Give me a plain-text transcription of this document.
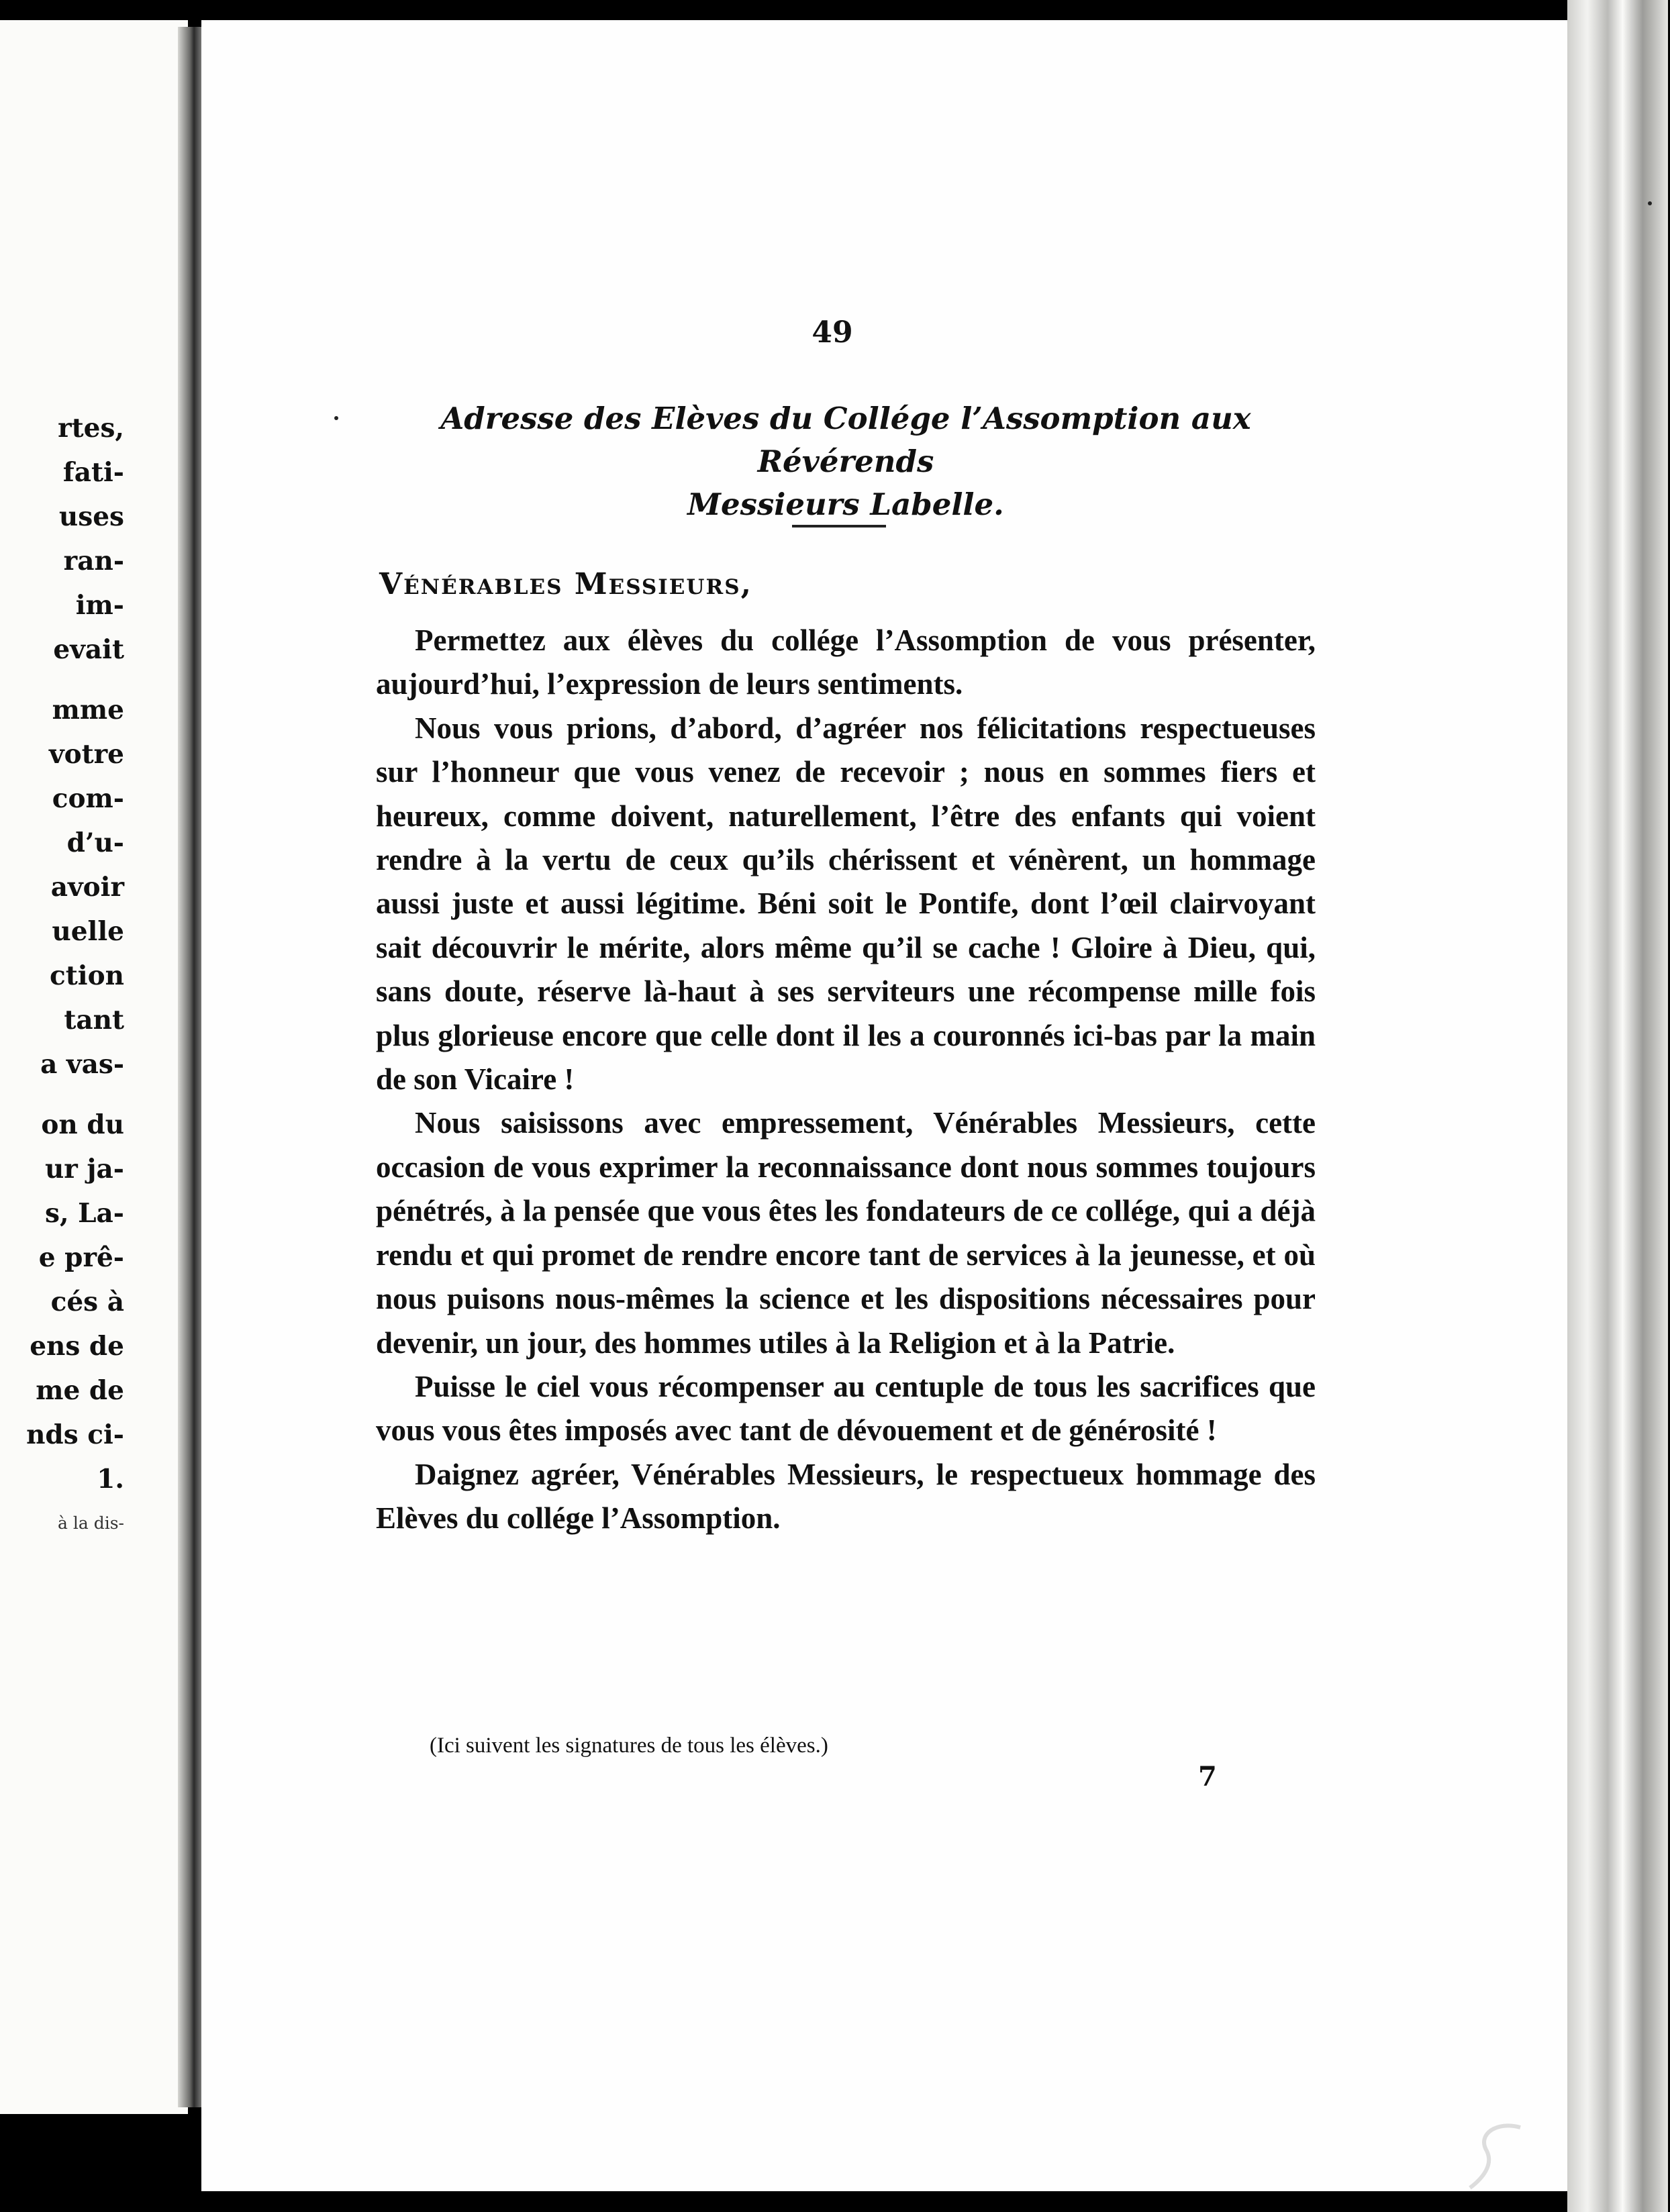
rtes,
fati-
uses
ran-
im-
evait
mme
votre
com-
d’u-
avoir
uelle
ction
tant
a vas-
on du
ur ja-
s, La-
e prê-
cés à
ens de
me de
nds ci-
1.
à la dis-
49
Adresse des Elèves du Collége l’Assomption aux Révérends
Messieurs Labelle.
Vénérables Messieurs,

Permettez aux élèves du collége l’Assomption de vous présenter, aujourd’hui, l’expression de leurs sentiments.

Nous vous prions, d’abord, d’agréer nos félicitations respectueuses sur l’honneur que vous venez de recevoir ; nous en sommes fiers et heureux, comme doivent, naturellement, l’être des enfants qui voient rendre à la vertu de ceux qu’ils chérissent et vénèrent, un hommage aussi juste et aussi légitime. Béni soit le Pontife, dont l’œil clairvoyant sait découvrir le mérite, alors même qu’il se cache ! Gloire à Dieu, qui, sans doute, réserve là-haut à ses serviteurs une récompense mille fois plus glorieuse encore que celle dont il les a couronnés ici-bas par la main de son Vicaire !

Nous saisissons avec empressement, Vénérables Messieurs, cette occasion de vous exprimer la reconnaissance dont nous sommes toujours pénétrés, à la pensée que vous êtes les fondateurs de ce collége, qui a déjà rendu et qui promet de rendre encore tant de services à la jeunesse, et où nous puisons nous-mêmes la science et les dispositions nécessaires pour devenir, un jour, des hommes utiles à la Religion et à la Patrie.

Puisse le ciel vous récompenser au centuple de tous les sacrifices que vous vous êtes imposés avec tant de dévouement et de générosité !

Daignez agréer, Vénérables Messieurs, le respectueux hommage des Elèves du collége l’Assomption.

(Ici suivent les signatures de tous les élèves.)
7
